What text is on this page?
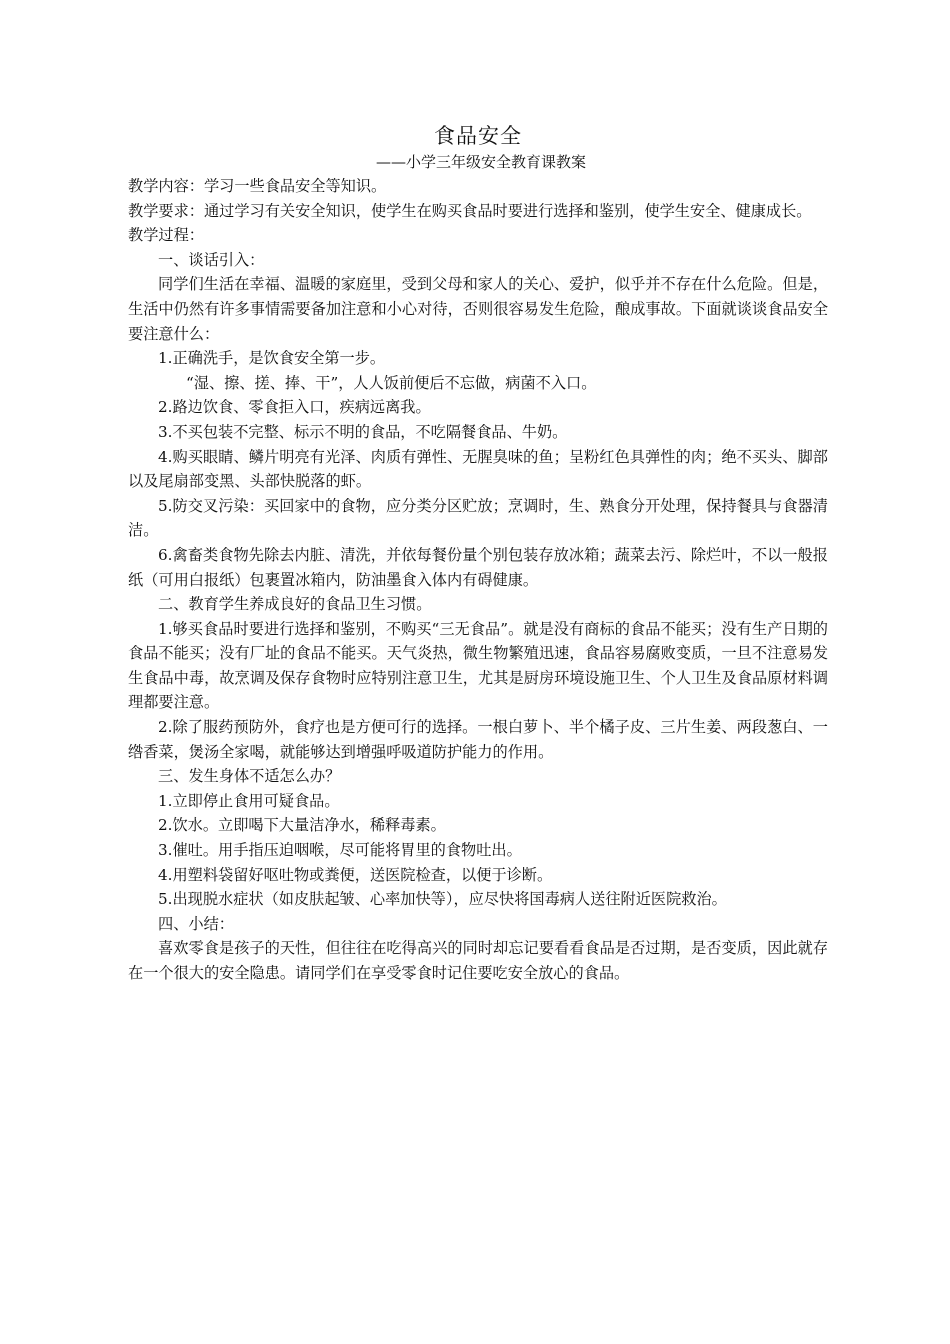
食品安全

——小学三年级安全教育课教案

教学内容：学习一些食品安全等知识。

教学要求：通过学习有关安全知识，使学生在购买食品时要进行选择和鉴别，使学生安全、健康成长。

教学过程：

一、谈话引入：

同学们生活在幸福、温暖的家庭里，受到父母和家人的关心、爱护，似乎并不存在什么危险。但是，生活中仍然有许多事情需要备加注意和小心对待，否则很容易发生危险，酿成事故。下面就谈谈食品安全要注意什么：

1.正确洗手，是饮食安全第一步。

“湿、擦、搓、捧、干”，人人饭前便后不忘做，病菌不入口。

2.路边饮食、零食拒入口，疾病远离我。

3.不买包装不完整、标示不明的食品，不吃隔餐食品、牛奶。

4.购买眼睛、鳞片明亮有光泽、肉质有弹性、无腥臭味的鱼；呈粉红色具弹性的肉；绝不买头、脚部以及尾扇部变黑、头部快脱落的虾。

5.防交叉污染：买回家中的食物，应分类分区贮放；烹调时，生、熟食分开处理，保持餐具与食器清洁。

6.禽畜类食物先除去内脏、清洗，并依每餐份量个别包装存放冰箱；蔬菜去污、除烂叶，不以一般报纸（可用白报纸）包裹置冰箱内，防油墨食入体内有碍健康。

二、教育学生养成良好的食品卫生习惯。

1.够买食品时要进行选择和鉴别，不购买“三无食品”。就是没有商标的食品不能买；没有生产日期的食品不能买；没有厂址的食品不能买。天气炎热，微生物繁殖迅速，食品容易腐败变质，一旦不注意易发生食品中毒，故烹调及保存食物时应特别注意卫生，尤其是厨房环境设施卫生、个人卫生及食品原材料调理都要注意。

2.除了服药预防外，食疗也是方便可行的选择。一根白萝卜、半个橘子皮、三片生姜、两段葱白、一绺香菜，煲汤全家喝，就能够达到增强呼吸道防护能力的作用。

三、发生身体不适怎么办？

1.立即停止食用可疑食品。

2.饮水。立即喝下大量洁净水，稀释毒素。

3.催吐。用手指压迫咽喉，尽可能将胃里的食物吐出。

4.用塑料袋留好呕吐物或粪便，送医院检查，以便于诊断。

5.出现脱水症状（如皮肤起皱、心率加快等），应尽快将国毒病人送往附近医院救治。

四、小结：

喜欢零食是孩子的天性，但往往在吃得高兴的同时却忘记要看看食品是否过期，是否变质，因此就存在一个很大的安全隐患。请同学们在享受零食时记住要吃安全放心的食品。
